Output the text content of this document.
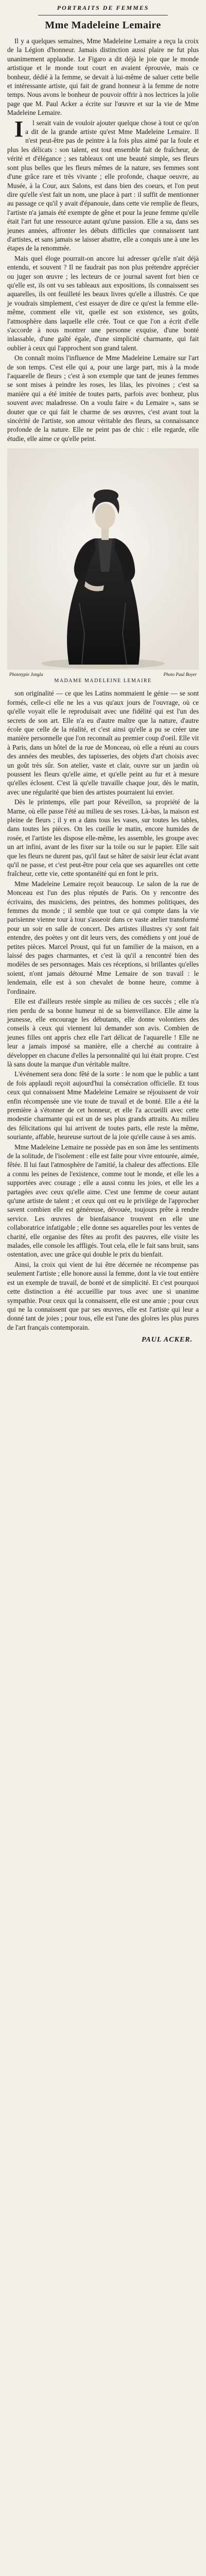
PORTRAITS DE FEMMES
Mme Madeleine Lemaire

Il y a quelques semaines, Mme Madeleine Lemaire a reçu la croix de la Légion d'honneur. Jamais distinction aussi plaire ne fut plus unanimement applaudie. Le Figaro a dit déjà le joie que le monde artistique et le monde tout court en avaient éprouvée, mais ce bonheur, dédié à la femme, se devait à lui-même de saluer cette belle et intéressante artiste, qui fait de grand honneur à la femme de notre temps. Nous avons le bonheur de pouvoir offrir à nos lectrices la jolie page que M. Paul Acker a écrite sur l'œuvre et sur la vie de Mme Madeleine Lemaire.

Il serait vain de vouloir ajouter quelque chose à tout ce qu'on a dit de la grande artiste qu'est Mme Madeleine Lemaire. Il n'est peut-être pas de peintre à la fois plus aimé par la foule et plus les délicats : son talent, est tout ensemble fait de fraîcheur, de vérité et d'élégance ; ses tableaux ont une beauté simple, ses fleurs sont plus belles que les fleurs mêmes de la nature, ses femmes sont d'une grâce rare et très vivante ; elle profonde, chaque oeuvre, au Musée, à la Cour, aux Salons, est dans bien des coeurs, et l'on peut dire qu'elle s'est fait un nom, une place à part : il suffit de mentionner au passage ce qu'il y avait d'épanouie, dans cette vie remplie de fleurs, l'artiste n'a jamais été exempte de gêne et pour la jeune femme qu'elle était l'art fut une ressource autant qu'une passion. Elle a su, dans ses jeunes années, affronter les débuts difficiles que connaissent tant d'artistes, et sans jamais se laisser abattre, elle a conquis une à une les étapes de la renommée.

Mais quel éloge pourrait-on ancore lui adresser qu'elle n'ait déjà entendu, et souvent ? Il ne faudrait pas non plus prétendre apprécier ou juger son œuvre ; les lecteurs de ce journal savent fort bien ce qu'elle est, ils ont vu ses tableaux aux expositions, ils connaissent ses aquarelles, ils ont feuilleté les beaux livres qu'elle a illustrés. Ce que je voudrais simplement, c'est essayer de dire ce qu'est la femme elle-même, comment elle vit, quelle est son existence, ses goûts, l'atmosphère dans laquelle elle crée. Tout ce que l'on a écrit d'elle s'accorde à nous montrer une personne exquise, d'une bonté inlassable, d'une gaîté égale, d'une simplicité charmante, qui fait oublier à ceux qui l'approchent son grand talent.

On connaît moins l'influence de Mme Madeleine Lemaire sur l'art de son temps. C'est elle qui a, pour une large part, mis à la mode l'aquarelle de fleurs ; c'est à son exemple que tant de jeunes femmes se sont mises à peindre les roses, les lilas, les pivoines ; c'est sa manière qui a été imitée de toutes parts, parfois avec bonheur, plus souvent avec maladresse. On a voulu faire « du Lemaire », sans se douter que ce qui fait le charme de ses œuvres, c'est avant tout la sincérité de l'artiste, son amour véritable des fleurs, sa connaissance profonde de la nature. Elle ne peint pas de chic : elle regarde, elle étudie, elle aime ce qu'elle peint.

Phototypie Jongla	Photo Paul Boyer
MADAME MADELEINE LEMAIRE

son originalité — ce que les Latins nommaient le génie — se sont formés, celle-ci elle ne les a vus qu'aux jours de l'ouvrage, où ce qu'elle voyait elle le reproduisait avec une fidélité qui est l'un des secrets de son art. Elle n'a eu d'autre maître que la nature, d'autre école que celle de la réalité, et c'est ainsi qu'elle a pu se créer une manière personnelle que l'on reconnaît au premier coup d'oeil. Elle vit à Paris, dans un hôtel de la rue de Monceau, où elle a réuni au cours des années des meubles, des tapisseries, des objets d'art choisis avec un goût très sûr. Son atelier, vaste et clair, ouvre sur un jardin où poussent les fleurs qu'elle aime, et qu'elle peint au fur et à mesure qu'elles éclosent. C'est là qu'elle travaille chaque jour, dès le matin, avec une régularité que bien des artistes pourraient lui envier.

Dès le printemps, elle part pour Réveillon, sa propriété de la Marne, où elle passe l'été au milieu de ses roses. Là-bas, la maison est pleine de fleurs ; il y en a dans tous les vases, sur toutes les tables, dans toutes les pièces. On les cueille le matin, encore humides de rosée, et l'artiste les dispose elle-même, les assemble, les groupe avec un art infini, avant de les fixer sur la toile ou sur le papier. Elle sait que les fleurs ne durent pas, qu'il faut se hâter de saisir leur éclat avant qu'il ne passe, et c'est peut-être pour cela que ses aquarelles ont cette fraîcheur, cette vie, cette spontanéité qui en font le prix.

Mme Madeleine Lemaire reçoit beaucoup. Le salon de la rue de Monceau est l'un des plus réputés de Paris. On y rencontre des écrivains, des musiciens, des peintres, des hommes politiques, des femmes du monde ; il semble que tout ce qui compte dans la vie parisienne vienne tour à tour s'asseoir dans ce vaste atelier transformé pour un soir en salle de concert. Des artistes illustres s'y sont fait entendre, des poètes y ont dit leurs vers, des comédiens y ont joué de petites pièces. Marcel Proust, qui fut un familier de la maison, en a laissé des pages charmantes, et c'est là qu'il a rencontré bien des modèles de ses personnages. Mais ces réceptions, si brillantes qu'elles soient, n'ont jamais détourné Mme Lemaire de son travail : le lendemain, elle est à son chevalet de bonne heure, comme à l'ordinaire.

Elle est d'ailleurs restée simple au milieu de ces succès ; elle n'a rien perdu de sa bonne humeur ni de sa bienveillance. Elle aime la jeunesse, elle encourage les débutants, elle donne volontiers des conseils à ceux qui viennent lui demander son avis. Combien de jeunes filles ont appris chez elle l'art délicat de l'aquarelle ! Elle ne leur a jamais imposé sa manière, elle a cherché au contraire à développer en chacune d'elles la personnalité qui lui était propre. C'est là sans doute la marque d'un véritable maître.

L'événement sera donc fêté de la sorte : le nom que le public a tant de fois applaudi reçoit aujourd'hui la consécration officielle. Et tous ceux qui connaissent Mme Madeleine Lemaire se réjouissent de voir enfin récompensée une vie toute de travail et de bonté. Elle a été la première à s'étonner de cet honneur, et elle l'a accueilli avec cette modestie charmante qui est un de ses plus grands attraits. Au milieu des félicitations qui lui arrivent de toutes parts, elle reste la même, souriante, affable, heureuse surtout de la joie qu'elle cause à ses amis.

Mme Madeleine Lemaire ne possède pas en son âme les sentiments de la solitude, de l'isolement : elle est faite pour vivre entourée, aimée, fêtée. Il lui faut l'atmosphère de l'amitié, la chaleur des affections. Elle a connu les peines de l'existence, comme tout le monde, et elle les a supportées avec courage ; elle a aussi connu les joies, et elle les a partagées avec ceux qu'elle aime. C'est une femme de coeur autant qu'une artiste de talent ; et ceux qui ont eu le privilège de l'approcher savent combien elle est généreuse, dévouée, toujours prête à rendre service. Les œuvres de bienfaisance trouvent en elle une collaboratrice infatigable ; elle donne ses aquarelles pour les ventes de charité, elle organise des fêtes au profit des pauvres, elle visite les malades, elle console les affligés. Tout cela, elle le fait sans bruit, sans ostentation, avec une grâce qui double le prix du bienfait.

Ainsi, la croix qui vient de lui être décernée ne récompense pas seulement l'artiste ; elle honore aussi la femme, dont la vie tout entière est un exemple de travail, de bonté et de simplicité. Et c'est pourquoi cette distinction a été accueillie par tous avec une si unanime sympathie. Pour ceux qui la connaissent, elle est une amie ; pour ceux qui ne la connaissent que par ses œuvres, elle est l'artiste qui leur a donné tant de joies ; pour tous, elle est l'une des gloires les plus pures de l'art français contemporain.

PAUL ACKER.
